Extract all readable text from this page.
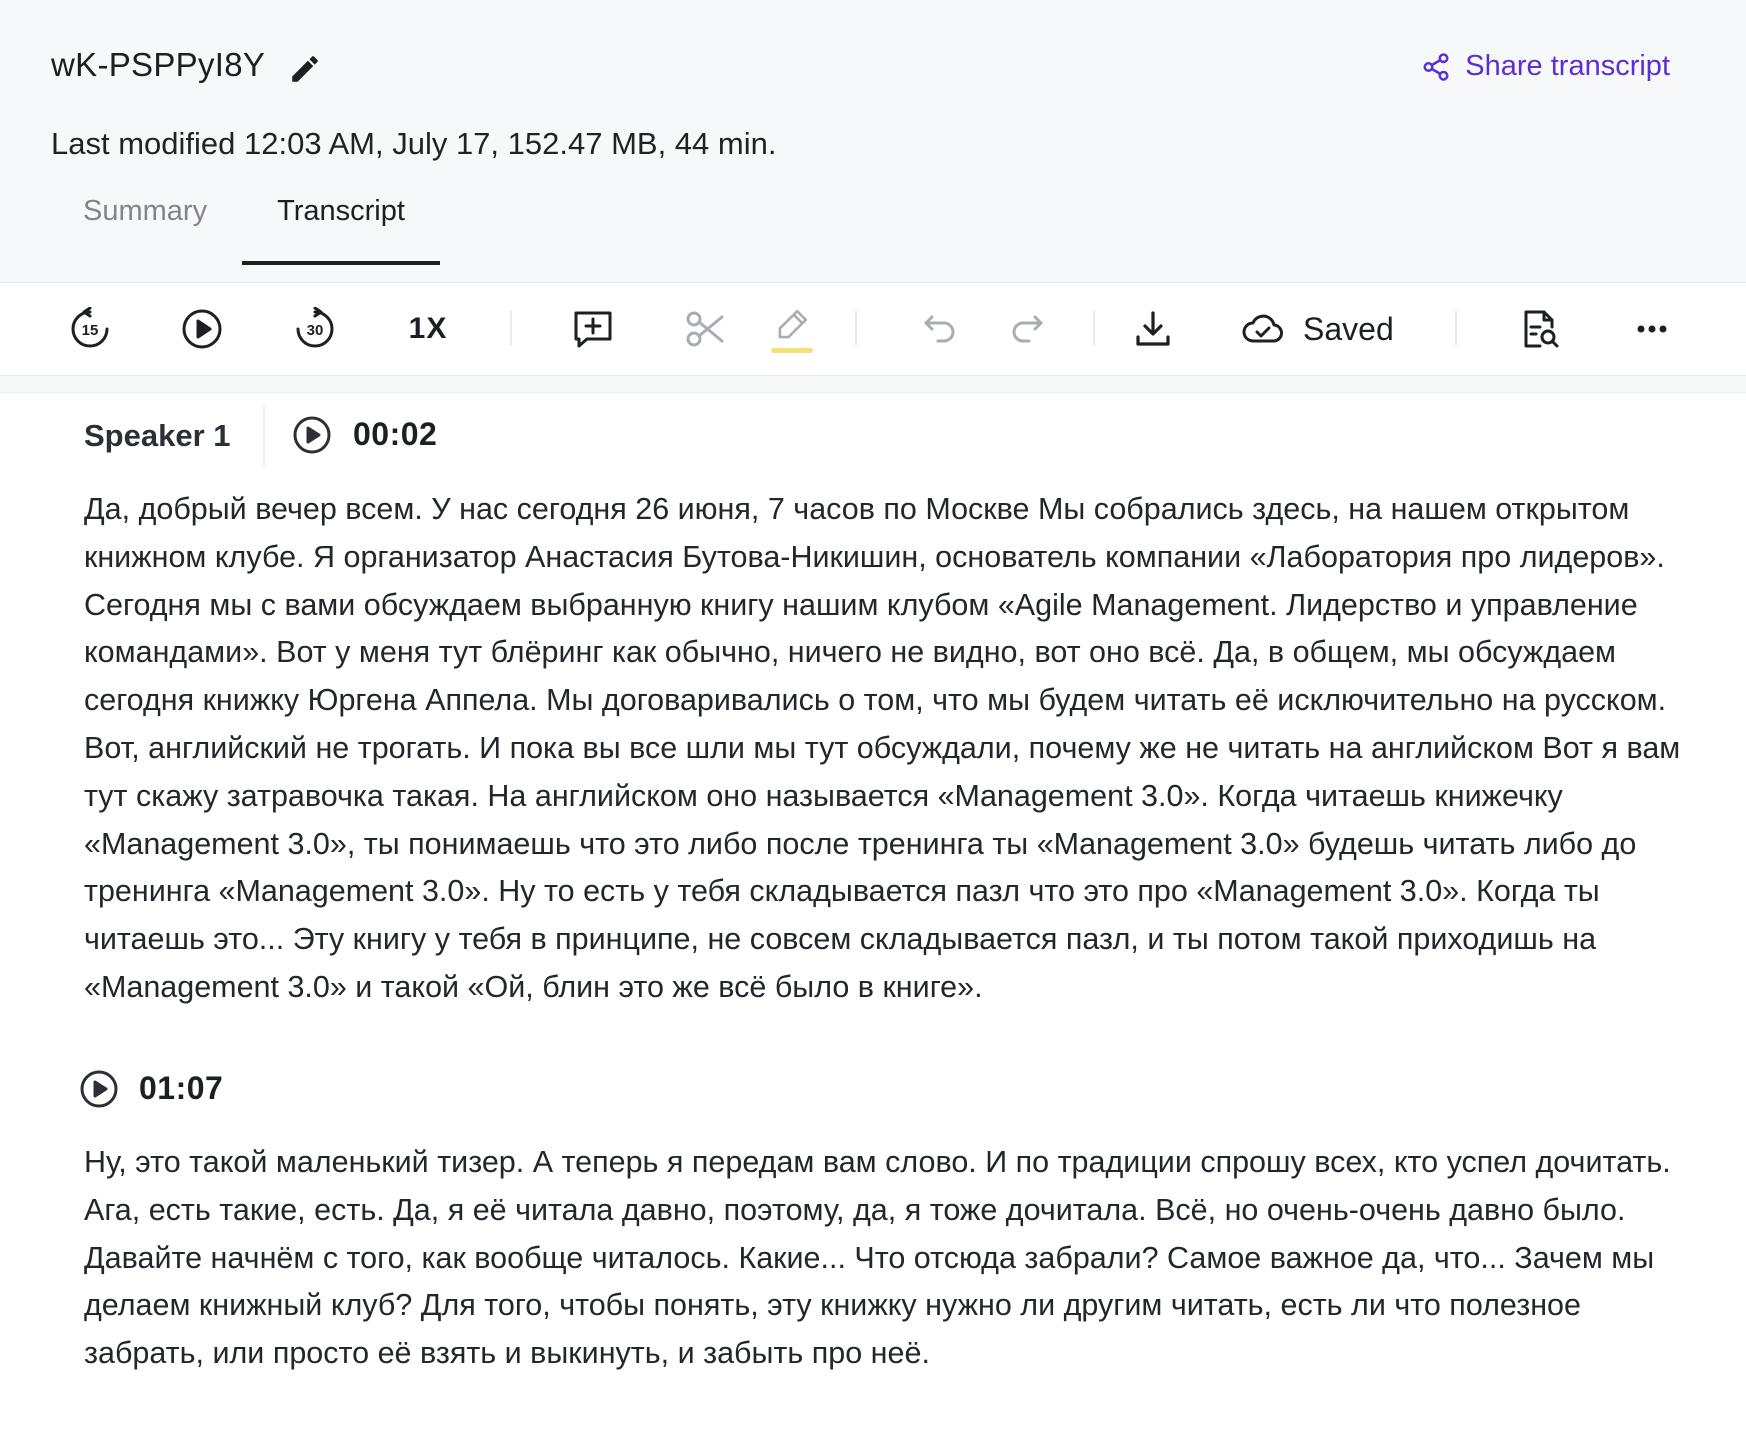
wK-PSPPyI8Y	Share transcript
Last modified 12:03 AM, July 17, 152.47 MB, 44 min.
Summary	Transcript
15	30	1X	Saved
Speaker 1	00:02
Да, добрый вечер всем. У нас сегодня 26 июня, 7 часов по Москве Мы собрались здесь, на нашем открытом книжном клубе. Я организатор Анастасия Бутова-Никишин, основатель компании «Лаборатория про лидеров». Сегодня мы с вами обсуждаем выбранную книгу нашим клубом «Agile Management. Лидерство и управление командами». Вот у меня тут блёринг как обычно, ничего не видно, вот оно всё. Да, в общем, мы обсуждаем сегодня книжку Юргена Аппела. Мы договаривались о том, что мы будем читать её исключительно на русском. Вот, английский не трогать. И пока вы все шли мы тут обсуждали, почему же не читать на английском Вот я вам тут скажу затравочка такая. На английском оно называется «Management 3.0». Когда читаешь книжечку «Management 3.0», ты понимаешь что это либо после тренинга ты «Management 3.0» будешь читать либо до тренинга «Management 3.0». Ну то есть у тебя складывается пазл что это про «Management 3.0». Когда ты читаешь это... Эту книгу у тебя в принципе, не совсем складывается пазл, и ты потом такой приходишь на «Management 3.0» и такой «Ой, блин это же всё было в книге».
01:07
Ну, это такой маленький тизер. А теперь я передам вам слово. И по традиции спрошу всех, кто успел дочитать. Ага, есть такие, есть. Да, я её читала давно, поэтому, да, я тоже дочитала. Всё, но очень-очень давно было. Давайте начнём с того, как вообще читалось. Какие... Что отсюда забрали? Самое важное да, что... Зачем мы делаем книжный клуб? Для того, чтобы понять, эту книжку нужно ли другим читать, есть ли что полезное забрать, или просто её взять и выкинуть, и забыть про неё.
